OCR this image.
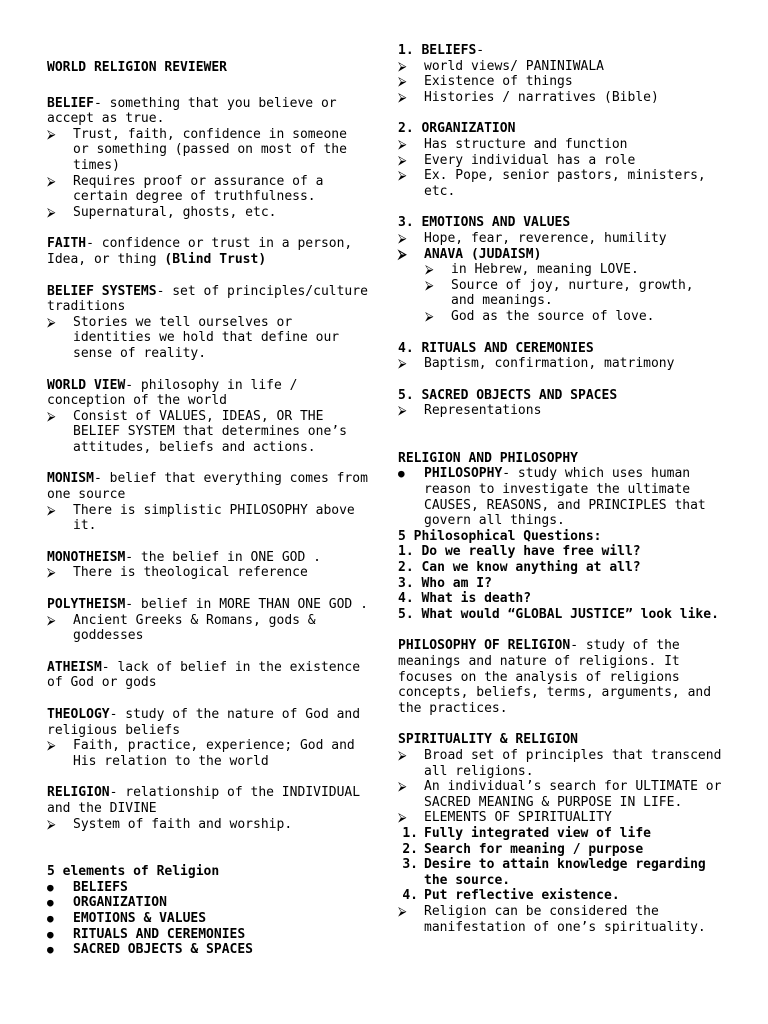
WORLD RELIGION REVIEWER
BELIEF- something that you believe or accept as true.
⮚	Trust, faith, confidence in someone or something (passed on most of the times)
⮚	Requires proof or assurance of a certain degree of truthfulness.
⮚	Supernatural, ghosts, etc.
FAITH- confidence or trust in a person, Idea, or thing (Blind Trust)
BELIEF SYSTEMS- set of principles/culture traditions
⮚	Stories we tell ourselves or identities we hold that define our sense of reality.
WORLD VIEW- philosophy in life / conception of the world
⮚	Consist of VALUES, IDEAS, OR THE BELIEF SYSTEM that determines one’s attitudes, beliefs and actions.
MONISM- belief that everything comes from one source
⮚	There is simplistic PHILOSOPHY above it.
MONOTHEISM- the belief in ONE GOD .
⮚	There is theological reference
POLYTHEISM- belief in MORE THAN ONE GOD .
⮚	Ancient Greeks & Romans, gods & goddesses
ATHEISM- lack of belief in the existence of God or gods
THEOLOGY- study of the nature of God and religious beliefs
⮚	Faith, practice, experience; God and His relation to the world
RELIGION- relationship of the INDIVIDUAL and the DIVINE
⮚	System of faith and worship.
5 elements of Religion
●	BELIEFS
●	ORGANIZATION
●	EMOTIONS & VALUES
●	RITUALS AND CEREMONIES
●	SACRED OBJECTS & SPACES
1. BELIEFS-
⮚	world views/ PANINIWALA
⮚	Existence of things
⮚	Histories / narratives (Bible)
2. ORGANIZATION
⮚	Has structure and function
⮚	Every individual has a role
⮚	Ex. Pope, senior pastors, ministers, etc.
3. EMOTIONS AND VALUES
⮚	Hope, fear, reverence, humility
⮚	ANAVA (JUDAISM)
⮚	in Hebrew, meaning LOVE.
⮚	Source of joy, nurture, growth, and meanings.
⮚	God as the source of love.
4. RITUALS AND CEREMONIES
⮚	Baptism, confirmation, matrimony
5. SACRED OBJECTS AND SPACES
⮚	Representations
RELIGION AND PHILOSOPHY
●	PHILOSOPHY- study which uses human reason to investigate the ultimate CAUSES, REASONS, and PRINCIPLES that govern all things.
5 Philosophical Questions:
1. Do we really have free will?
2. Can we know anything at all?
3. Who am I?
4. What is death?
5. What would “GLOBAL JUSTICE” look like.
PHILOSOPHY OF RELIGION- study of the meanings and nature of religions. It focuses on the analysis of religions concepts, beliefs, terms, arguments, and the practices.
SPIRITUALITY & RELIGION
⮚	Broad set of principles that transcend all religions.
⮚	An individual’s search for ULTIMATE or SACRED MEANING & PURPOSE IN LIFE.
⮚	ELEMENTS OF SPIRITUALITY
1. Fully integrated view of life
2. Search for meaning / purpose
3. Desire to attain knowledge regarding the source.
4. Put reflective existence.
⮚	Religion can be considered the manifestation of one’s spirituality.
